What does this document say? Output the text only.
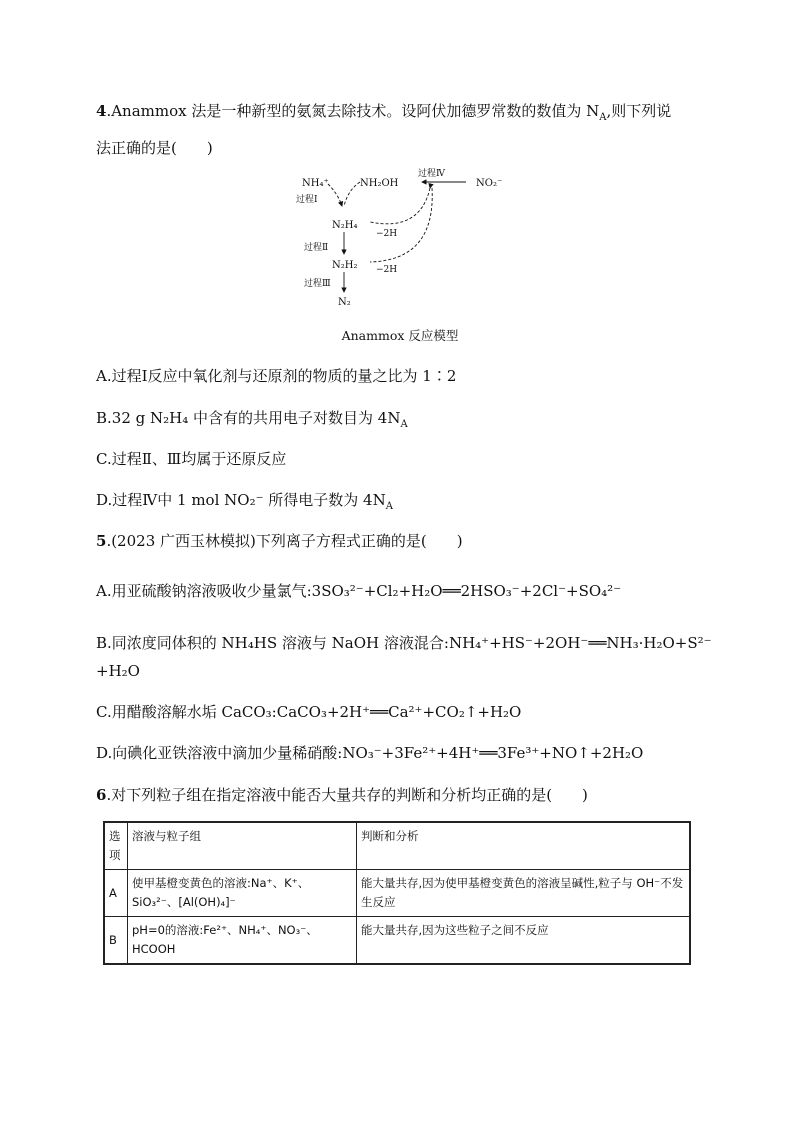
4.Anammox 法是一种新型的氨氮去除技术。设阿伏加德罗常数的数值为 $N_A$,则下列说
法正确的是(　　)
NH₄⁺	NH₂OH	NO₂⁻
过程Ⅳ
过程Ⅰ
N₂H₄
−2H
过程Ⅱ
N₂H₂ −2H
过程Ⅲ
N₂
Anammox 反应模型
A.过程Ⅰ反应中氧化剂与还原剂的物质的量之比为 1∶2
B.32 g N₂H₄ 中含有的共用电子对数目为 $4N_A$
C.过程Ⅱ、Ⅲ均属于还原反应
D.过程Ⅳ中 1 mol NO₂⁻ 所得电子数为 $4N_A$
5.(2023 广西玉林模拟)下列离子方程式正确的是(　　)
A.用亚硫酸钠溶液吸收少量氯气:3SO₃²⁻+Cl₂+H₂O══2HSO₃⁻+2Cl⁻+SO₄²⁻
B.同浓度同体积的 NH₄HS 溶液与 NaOH 溶液混合:NH₄⁺+HS⁻+2OH⁻══NH₃·H₂O+S²⁻
+H₂O
C.用醋酸溶解水垢 CaCO₃:CaCO₃+2H⁺══Ca²⁺+CO₂↑+H₂O
D.向碘化亚铁溶液中滴加少量稀硝酸:NO₃⁻+3Fe²⁺+4H⁺══3Fe³⁺+NO↑+2H₂O
6.对下列粒子组在指定溶液中能否大量共存的判断和分析均正确的是(　　)
选项	溶液与粒子组	判断和分析
A	使甲基橙变黄色的溶液:Na⁺、K⁺、SiO₃²⁻、[Al(OH)₄]⁻	能大量共存,因为使甲基橙变黄色的溶液呈碱性,粒子与 OH⁻不发生反应
B	pH=0的溶液:Fe²⁺、NH₄⁺、NO₃⁻、HCOOH	能大量共存,因为这些粒子之间不反应
